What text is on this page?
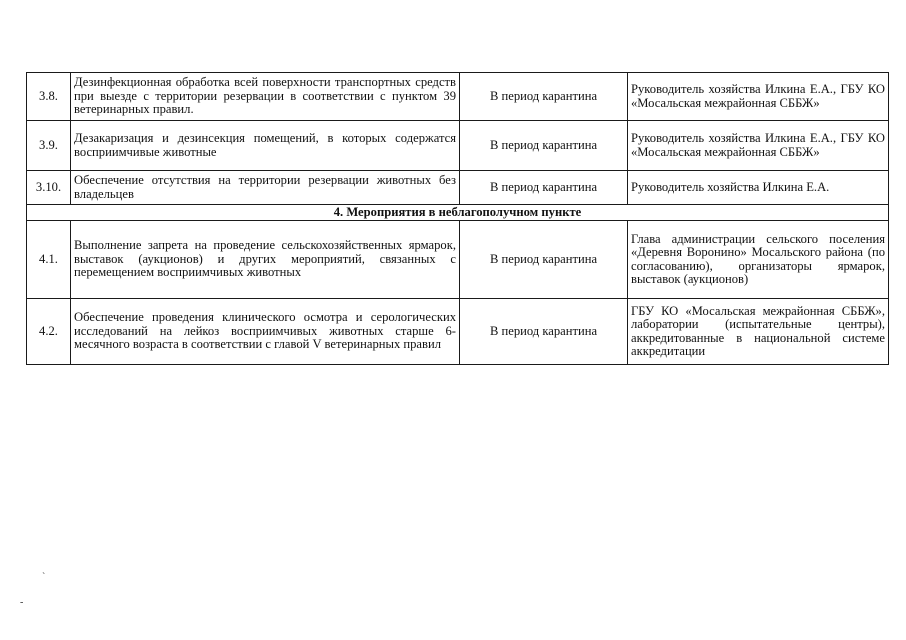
3.8.	Дезинфекционная обработка всей поверхности транспортных средств при выезде с территории резервации в соответствии с пунктом 39 ветеринарных правил.	В период карантина	Руководитель хозяйства Илкина Е.А., ГБУ КО «Мосальская межрайонная СББЖ»
3.9.	Дезакаризация и дезинсекция помещений, в которых содержатся восприимчивые животные	В период карантина	Руководитель хозяйства Илкина Е.А., ГБУ КО «Мосальская межрайонная СББЖ»
3.10.	Обеспечение отсутствия на территории резервации животных без владельцев	В период карантина	Руководитель хозяйства Илкина Е.А.
4. Мероприятия в неблагополучном пункте			
4.1.	Выполнение запрета на проведение сельскохозяйственных ярмарок, выставок (аукционов) и других мероприятий, связанных с перемещением восприимчивых животных	В период карантина	Глава администрации сельского поселения «Деревня Воронино» Мосальского района (по согласованию), организаторы ярмарок, выставок (аукционов)
4.2.	Обеспечение проведения клинического осмотра и серологических исследований на лейкоз восприимчивых животных старше 6-месячного возраста в соответствии с главой V ветеринарных правил	В период карантина	ГБУ КО «Мосальская межрайонная СББЖ», лаборатории (испытательные центры), аккредитованные в национальной системе аккредитации
`
-
